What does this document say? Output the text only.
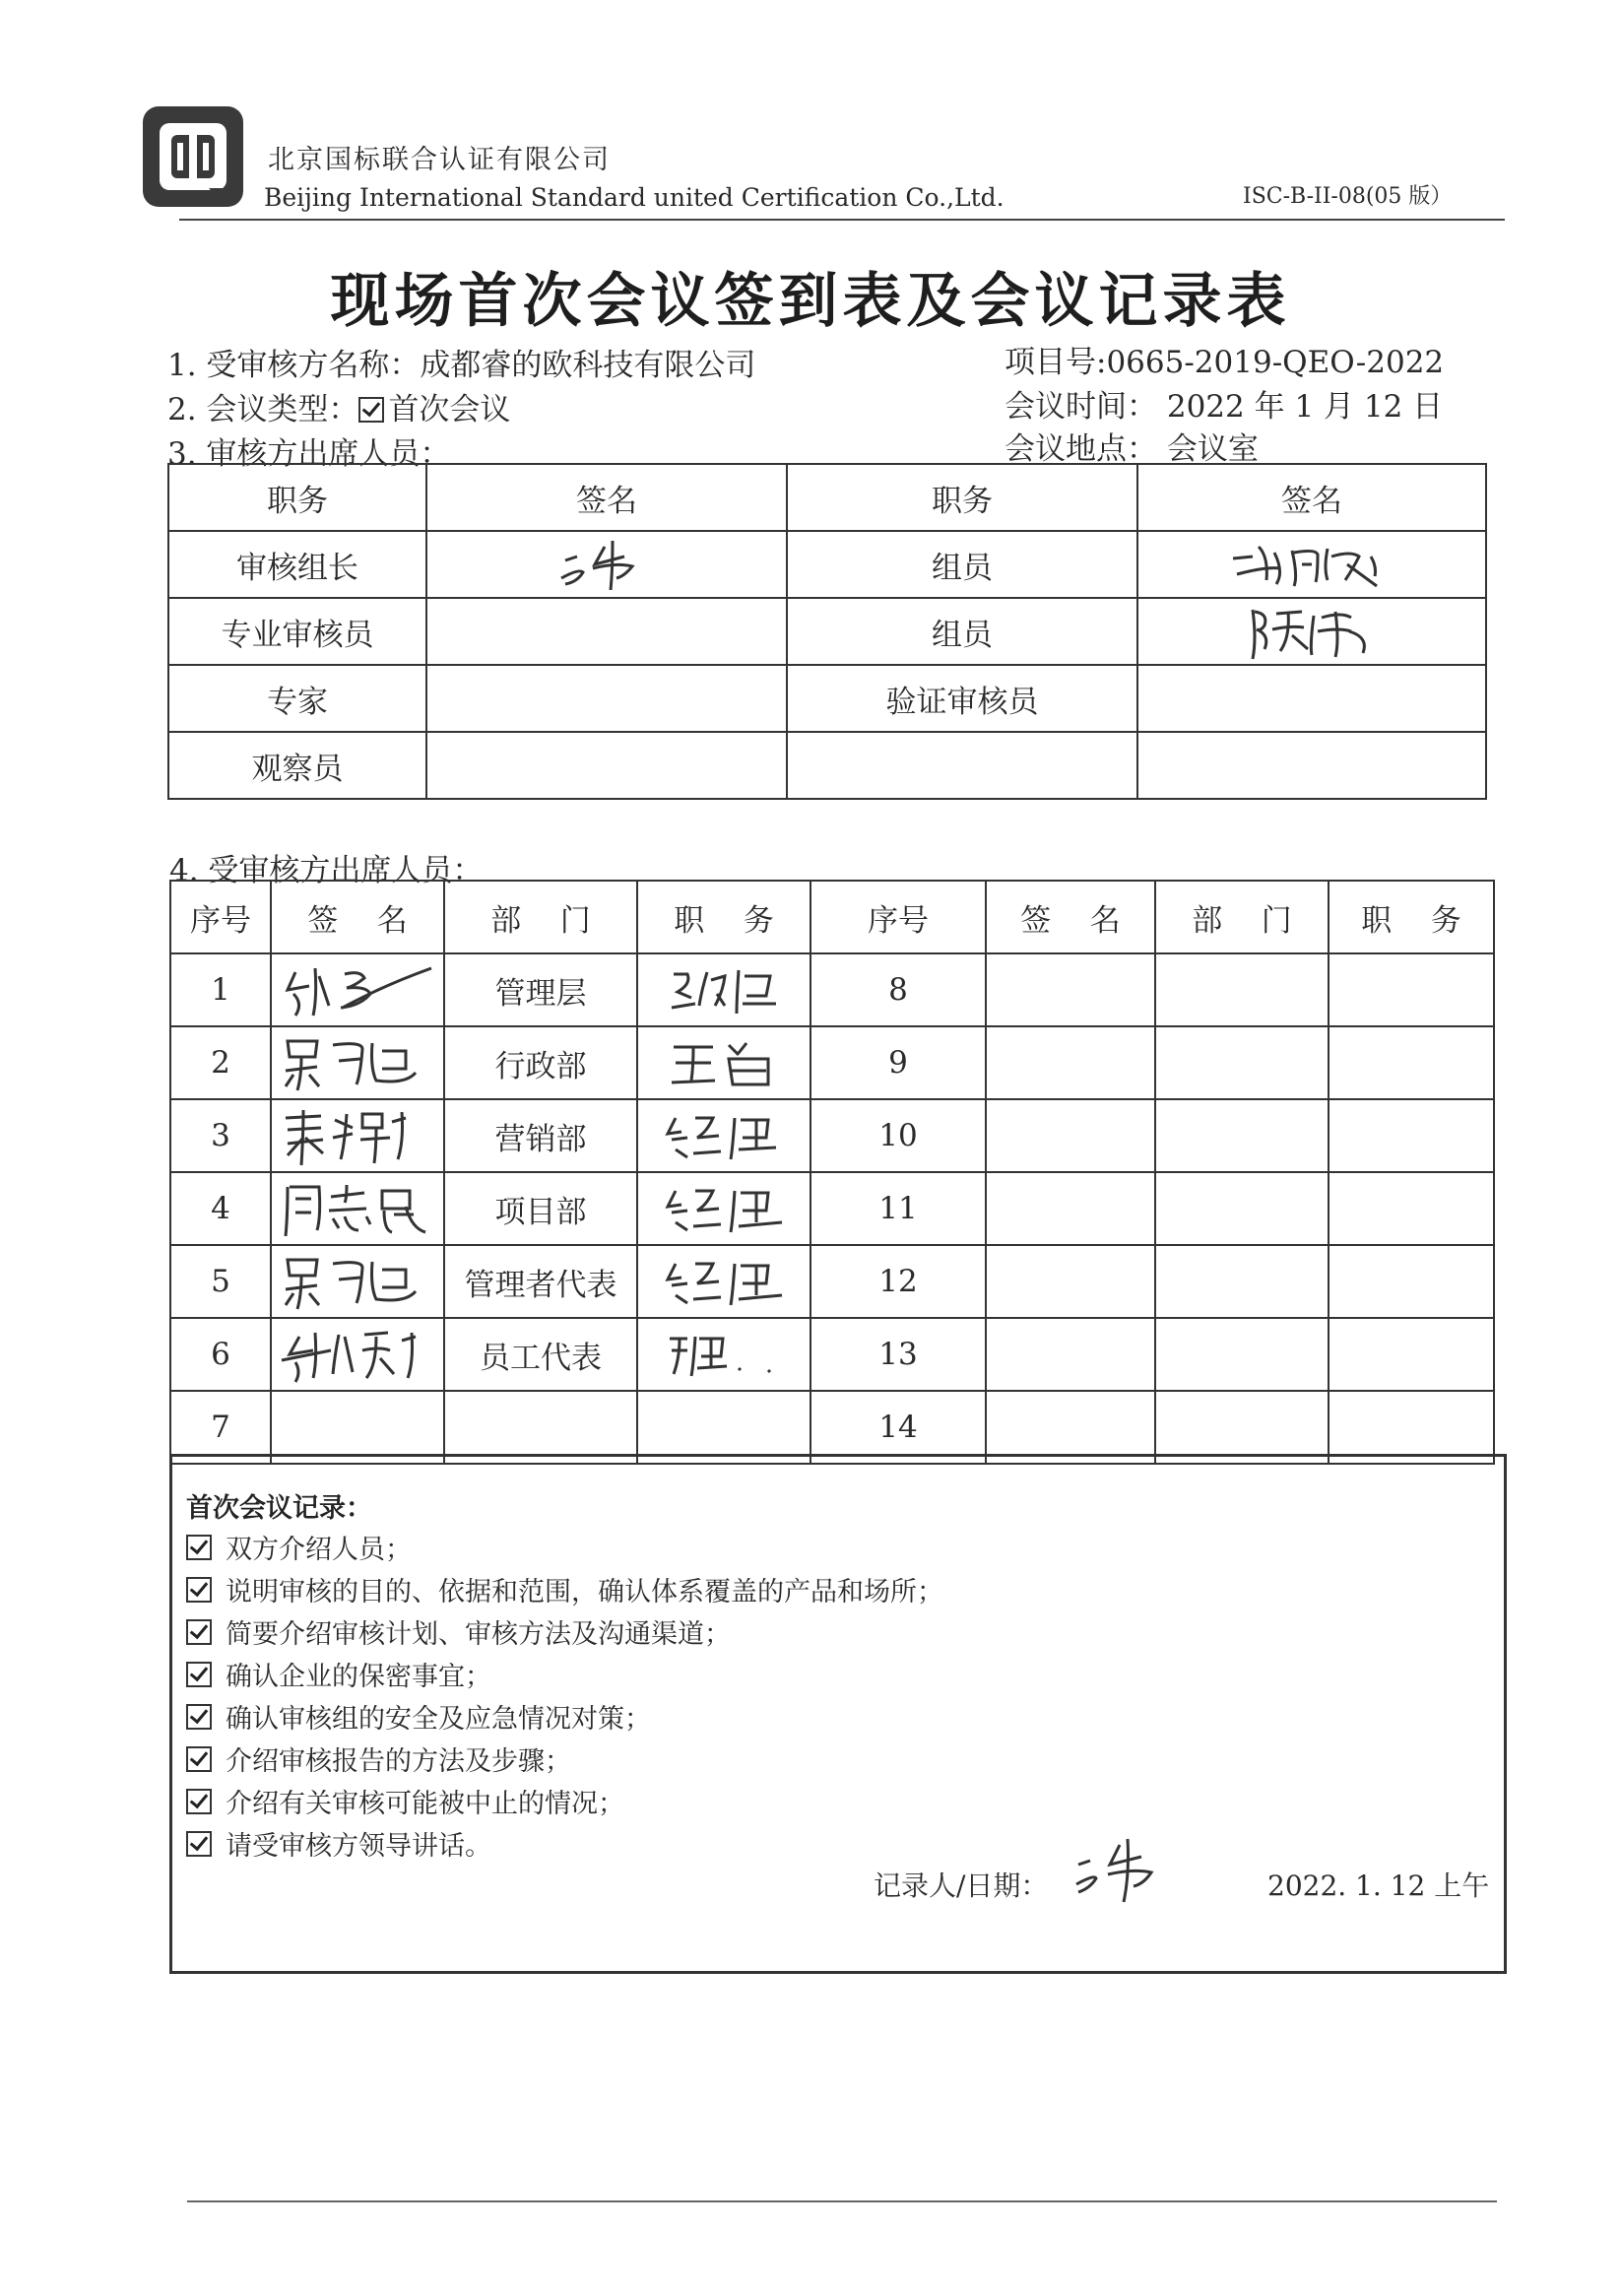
北京国标联合认证有限公司
Beijing International Standard united Certification Co.,Ltd.	ISC-B-II-08(05 版）
现场首次会议签到表及会议记录表
1. 受审核方名称：成都睿的欧科技有限公司
2. 会议类型： 首次会议
3. 审核方出席人员：
项目号:0665-2019-QEO-2022
会议时间： 2022 年 1 月 12 日
会议地点： 会议室
职务	签名	职务	签名
审核组长		组员	

专业审核员		组员	

专家		验证审核员	
观察员			
4. 受审核方出席人员：
序号	签    名	部    门	职    务	序号	签    名	部    门	职    务
1		管理层		8			
2		行政部		9			
3		营销部		10			
4		项目部		11			
5		管理者代表		12			
6		员工代表		13			
7				14			
首次会议记录：
双方介绍人员；
说明审核的目的、依据和范围，确认体系覆盖的产品和场所；
简要介绍审核计划、审核方法及沟通渠道；
确认企业的保密事宜；
确认审核组的安全及应急情况对策；
介绍审核报告的方法及步骤；
介绍有关审核可能被中止的情况；
请受审核方领导讲话。
记录人/日期：	2022. 1. 12 上午
